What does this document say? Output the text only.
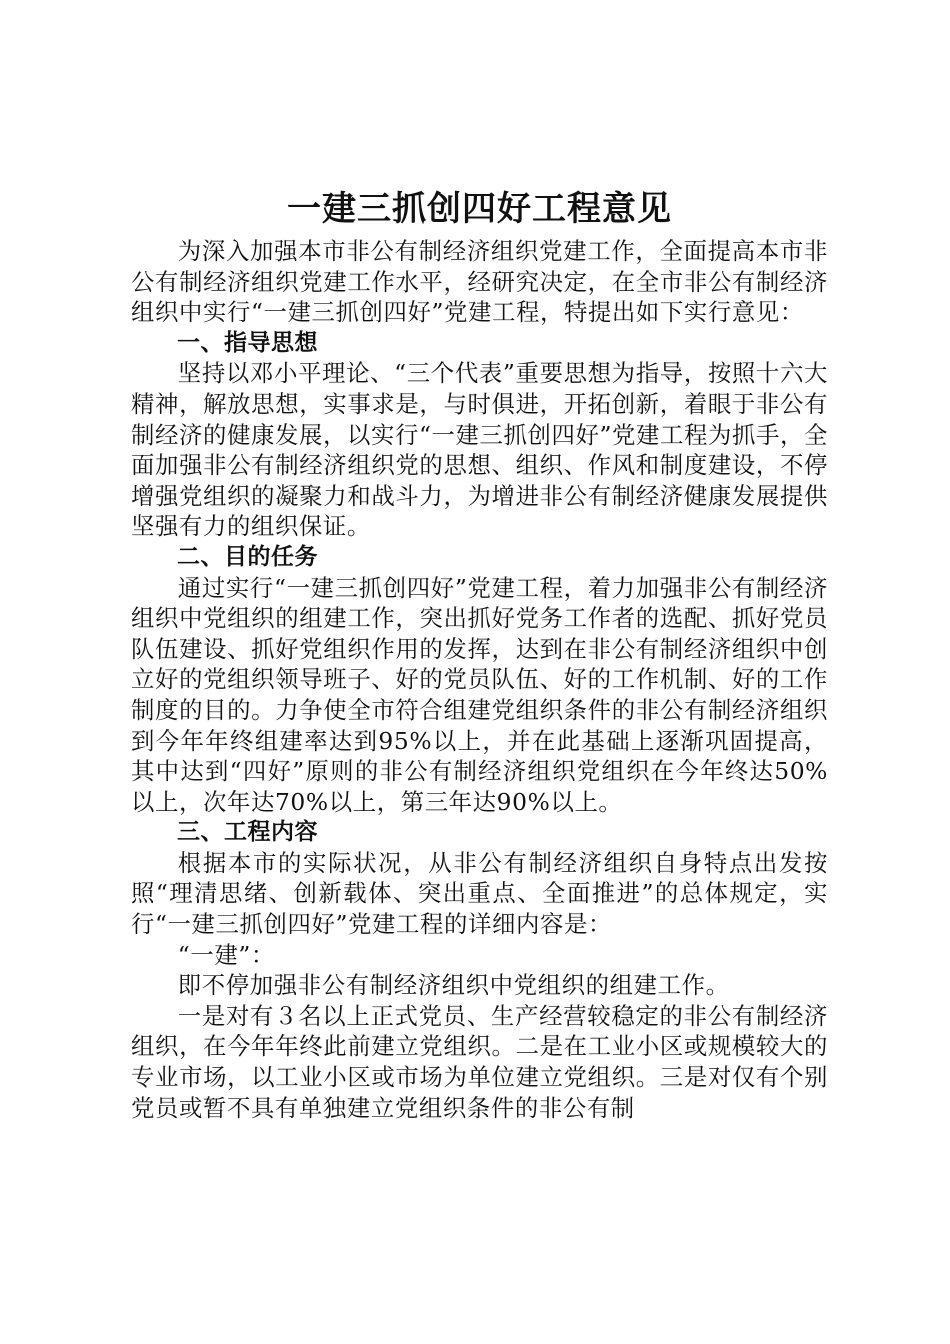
一建三抓创四好工程意见

为深入加强本市非公有制经济组织党建工作，全面提高本市非公有制经济组织党建工作水平，经研究决定，在全市非公有制经济组织中实行“一建三抓创四好”党建工程，特提出如下实行意见：

一、指导思想

坚持以邓小平理论、“三个代表”重要思想为指导，按照十六大精神，解放思想，实事求是，与时俱进，开拓创新，着眼于非公有制经济的健康发展，以实行“一建三抓创四好”党建工程为抓手，全面加强非公有制经济组织党的思想、组织、作风和制度建设，不停增强党组织的凝聚力和战斗力，为增进非公有制经济健康发展提供坚强有力的组织保证。

二、目的任务

通过实行“一建三抓创四好”党建工程，着力加强非公有制经济组织中党组织的组建工作，突出抓好党务工作者的选配、抓好党员队伍建设、抓好党组织作用的发挥，达到在非公有制经济组织中创立好的党组织领导班子、好的党员队伍、好的工作机制、好的工作制度的目的。力争使全市符合组建党组织条件的非公有制经济组织到今年年终组建率达到95%以上，并在此基础上逐渐巩固提高，其中达到“四好”原则的非公有制经济组织党组织在今年终达50%以上，次年达70%以上，第三年达90%以上。

三、工程内容

根据本市的实际状况，从非公有制经济组织自身特点出发按照“理清思绪、创新载体、突出重点、全面推进”的总体规定，实行“一建三抓创四好”党建工程的详细内容是：

“一建”：

即不停加强非公有制经济组织中党组织的组建工作。

一是对有３名以上正式党员、生产经营较稳定的非公有制经济组织，在今年年终此前建立党组织。二是在工业小区或规模较大的专业市场，以工业小区或市场为单位建立党组织。三是对仅有个别党员或暂不具有单独建立党组织条件的非公有制
